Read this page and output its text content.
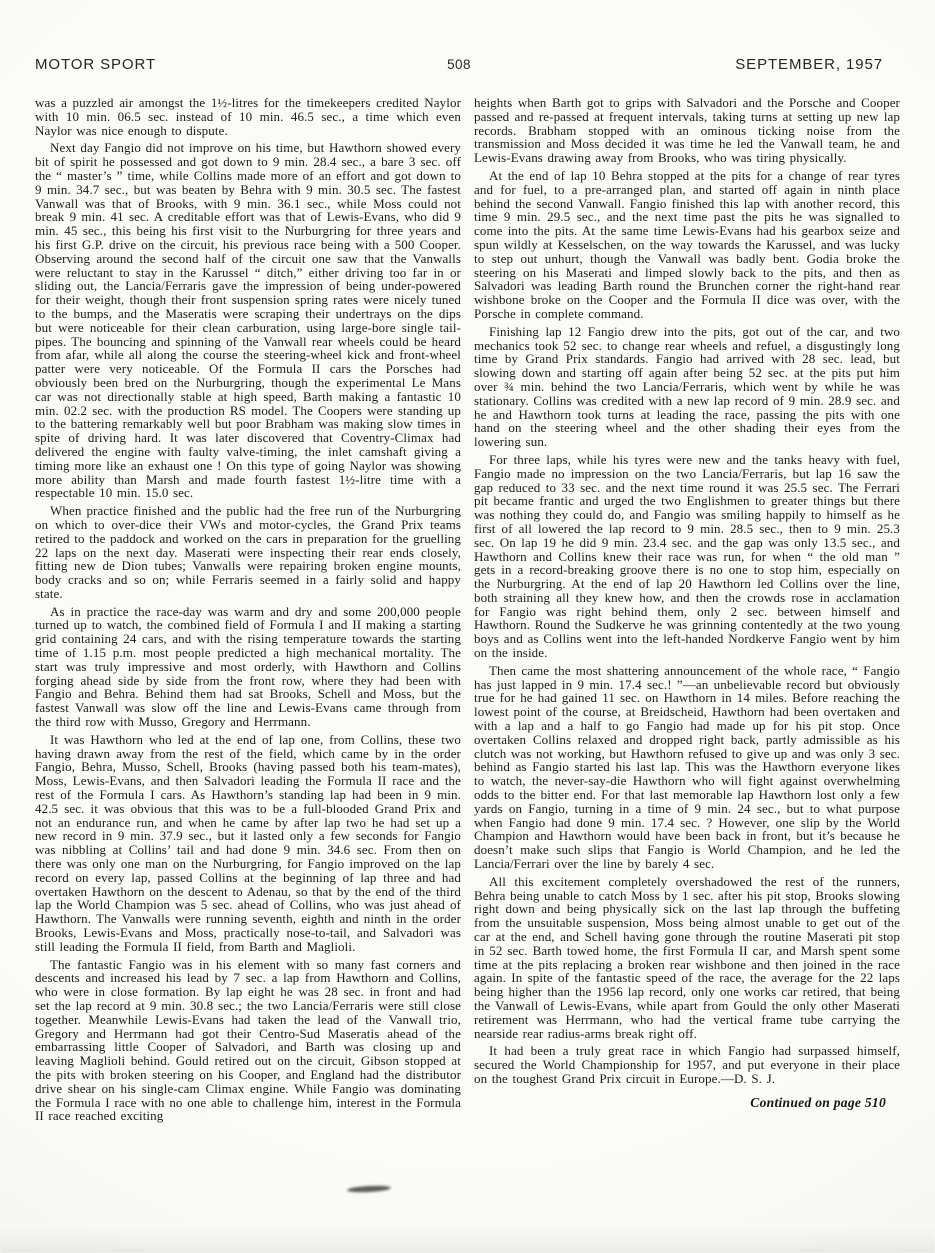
MOTOR SPORT	508	SEPTEMBER, 1957

was a puzzled air amongst the 1½-litres for the timekeepers credited Naylor with 10 min. 06.5 sec. instead of 10 min. 46.5 sec., a time which even Naylor was nice enough to dispute.

Next day Fangio did not improve on his time, but Hawthorn showed every bit of spirit he possessed and got down to 9 min. 28.4 sec., a bare 3 sec. off the “ master’s ” time, while Collins made more of an effort and got down to 9 min. 34.7 sec., but was beaten by Behra with 9 min. 30.5 sec. The fastest Vanwall was that of Brooks, with 9 min. 36.1 sec., while Moss could not break 9 min. 41 sec. A creditable effort was that of Lewis-Evans, who did 9 min. 45 sec., this being his first visit to the Nurburgring for three years and his first G.P. drive on the circuit, his previous race being with a 500 Cooper. Observing around the second half of the circuit one saw that the Vanwalls were reluctant to stay in the Karussel “ ditch,” either driving too far in or sliding out, the Lancia/Ferraris gave the impression of being under-powered for their weight, though their front suspension spring rates were nicely tuned to the bumps, and the Maseratis were scraping their undertrays on the dips but were noticeable for their clean carburation, using large-bore single tail-pipes. The bouncing and spinning of the Vanwall rear wheels could be heard from afar, while all along the course the steering-wheel kick and front-wheel patter were very noticeable. Of the Formula II cars the Porsches had obviously been bred on the Nurburgring, though the experimental Le Mans car was not directionally stable at high speed, Barth making a fantastic 10 min. 02.2 sec. with the production RS model. The Coopers were standing up to the battering remarkably well but poor Brabham was making slow times in spite of driving hard. It was later discovered that Coventry-Climax had delivered the engine with faulty valve-timing, the inlet camshaft giving a timing more like an exhaust one ! On this type of going Naylor was showing more ability than Marsh and made fourth fastest 1½-litre time with a respectable 10 min. 15.0 sec.

When practice finished and the public had the free run of the Nurburgring on which to over-dice their VWs and motor-cycles, the Grand Prix teams retired to the paddock and worked on the cars in preparation for the gruelling 22 laps on the next day. Maserati were inspecting their rear ends closely, fitting new de Dion tubes; Vanwalls were repairing broken engine mounts, body cracks and so on; while Ferraris seemed in a fairly solid and happy state.

As in practice the race-day was warm and dry and some 200,000 people turned up to watch, the combined field of Formula I and II making a starting grid containing 24 cars, and with the rising temperature towards the starting time of 1.15 p.m. most people predicted a high mechanical mortality. The start was truly impressive and most orderly, with Hawthorn and Collins forging ahead side by side from the front row, where they had been with Fangio and Behra. Behind them had sat Brooks, Schell and Moss, but the fastest Vanwall was slow off the line and Lewis-Evans came through from the third row with Musso, Gregory and Herrmann.

It was Hawthorn who led at the end of lap one, from Collins, these two having drawn away from the rest of the field, which came by in the order Fangio, Behra, Musso, Schell, Brooks (having passed both his team-mates), Moss, Lewis-Evans, and then Salvadori leading the Formula II race and the rest of the Formula I cars. As Hawthorn’s standing lap had been in 9 min. 42.5 sec. it was obvious that this was to be a full-blooded Grand Prix and not an endurance run, and when he came by after lap two he had set up a new record in 9 min. 37.9 sec., but it lasted only a few seconds for Fangio was nibbling at Collins’ tail and had done 9 min. 34.6 sec. From then on there was only one man on the Nurburgring, for Fangio improved on the lap record on every lap, passed Collins at the beginning of lap three and had overtaken Hawthorn on the descent to Adenau, so that by the end of the third lap the World Champion was 5 sec. ahead of Collins, who was just ahead of Hawthorn. The Vanwalls were running seventh, eighth and ninth in the order Brooks, Lewis-Evans and Moss, practically nose-to-tail, and Salvadori was still leading the Formula II field, from Barth and Maglioli.

The fantastic Fangio was in his element with so many fast corners and descents and increased his lead by 7 sec. a lap from Hawthorn and Collins, who were in close formation. By lap eight he was 28 sec. in front and had set the lap record at 9 min. 30.8 sec.; the two Lancia/Ferraris were still close together. Meanwhile Lewis-Evans had taken the lead of the Vanwall trio, Gregory and Herrmann had got their Centro-Sud Maseratis ahead of the embarrassing little Cooper of Salvadori, and Barth was closing up and leaving Maglioli behind. Gould retired out on the circuit, Gibson stopped at the pits with broken steering on his Cooper, and England had the distributor drive shear on his single-cam Climax engine. While Fangio was dominating the Formula I race with no one able to challenge him, interest in the Formula II race reached exciting

heights when Barth got to grips with Salvadori and the Porsche and Cooper passed and re-passed at frequent intervals, taking turns at setting up new lap records. Brabham stopped with an ominous ticking noise from the transmission and Moss decided it was time he led the Vanwall team, he and Lewis-Evans drawing away from Brooks, who was tiring physically.

At the end of lap 10 Behra stopped at the pits for a change of rear tyres and for fuel, to a pre-arranged plan, and started off again in ninth place behind the second Vanwall. Fangio finished this lap with another record, this time 9 min. 29.5 sec., and the next time past the pits he was signalled to come into the pits. At the same time Lewis-Evans had his gearbox seize and spun wildly at Kesselschen, on the way towards the Karussel, and was lucky to step out unhurt, though the Vanwall was badly bent. Godia broke the steering on his Maserati and limped slowly back to the pits, and then as Salvadori was leading Barth round the Brunchen corner the right-hand rear wishbone broke on the Cooper and the Formula II dice was over, with the Porsche in complete command.

Finishing lap 12 Fangio drew into the pits, got out of the car, and two mechanics took 52 sec. to change rear wheels and refuel, a disgustingly long time by Grand Prix standards. Fangio had arrived with 28 sec. lead, but slowing down and starting off again after being 52 sec. at the pits put him over ¾ min. behind the two Lancia/Ferraris, which went by while he was stationary. Collins was credited with a new lap record of 9 min. 28.9 sec. and he and Hawthorn took turns at leading the race, passing the pits with one hand on the steering wheel and the other shading their eyes from the lowering sun.

For three laps, while his tyres were new and the tanks heavy with fuel, Fangio made no impression on the two Lancia/Ferraris, but lap 16 saw the gap reduced to 33 sec. and the next time round it was 25.5 sec. The Ferrari pit became frantic and urged the two Englishmen to greater things but there was nothing they could do, and Fangio was smiling happily to himself as he first of all lowered the lap record to 9 min. 28.5 sec., then to 9 min. 25.3 sec. On lap 19 he did 9 min. 23.4 sec. and the gap was only 13.5 sec., and Hawthorn and Collins knew their race was run, for when “ the old man ” gets in a record-breaking groove there is no one to stop him, especially on the Nurburgring. At the end of lap 20 Hawthorn led Collins over the line, both straining all they knew how, and then the crowds rose in acclamation for Fangio was right behind them, only 2 sec. between himself and Hawthorn. Round the Sudkerve he was grinning contentedly at the two young boys and as Collins went into the left-handed Nordkerve Fangio went by him on the inside.

Then came the most shattering announcement of the whole race, “ Fangio has just lapped in 9 min. 17.4 sec.! ”—an unbelievable record but obviously true for he had gained 11 sec. on Hawthorn in 14 miles. Before reaching the lowest point of the course, at Breidscheid, Hawthorn had been overtaken and with a lap and a half to go Fangio had made up for his pit stop. Once overtaken Collins relaxed and dropped right back, partly admissible as his clutch was not working, but Hawthorn refused to give up and was only 3 sec. behind as Fangio started his last lap. This was the Hawthorn everyone likes to watch, the never-say-die Hawthorn who will fight against overwhelming odds to the bitter end. For that last memorable lap Hawthorn lost only a few yards on Fangio, turning in a time of 9 min. 24 sec., but to what purpose when Fangio had done 9 min. 17.4 sec. ? However, one slip by the World Champion and Hawthorn would have been back in front, but it’s because he doesn’t make such slips that Fangio is World Champion, and he led the Lancia/Ferrari over the line by barely 4 sec.

All this excitement completely overshadowed the rest of the runners, Behra being unable to catch Moss by 1 sec. after his pit stop, Brooks slowing right down and being physically sick on the last lap through the buffeting from the unsuitable suspension, Moss being almost unable to get out of the car at the end, and Schell having gone through the routine Maserati pit stop in 52 sec. Barth towed home, the first Formula II car, and Marsh spent some time at the pits replacing a broken rear wishbone and then joined in the race again. In spite of the fantastic speed of the race, the average for the 22 laps being higher than the 1956 lap record, only one works car retired, that being the Vanwall of Lewis-Evans, while apart from Gould the only other Maserati retirement was Herrmann, who had the vertical frame tube carrying the nearside rear radius-arms break right off.

It had been a truly great race in which Fangio had surpassed himself, secured the World Championship for 1957, and put everyone in their place on the toughest Grand Prix circuit in Europe.—D. S. J.

Continued on page 510
